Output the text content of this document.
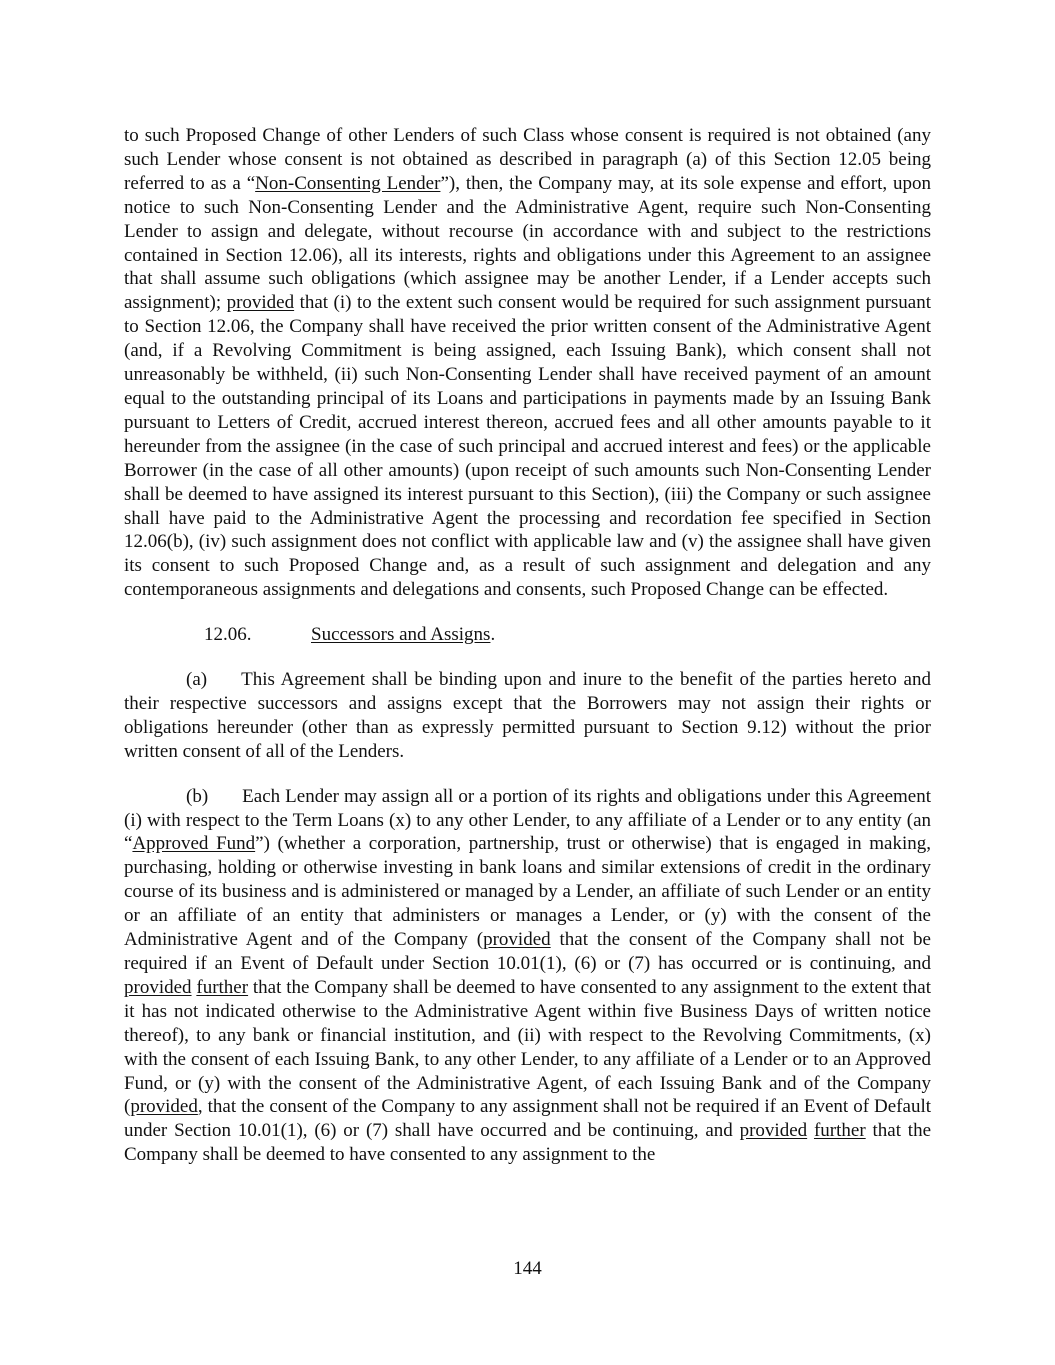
to such Proposed Change of other Lenders of such Class whose consent is required is not obtained (any such Lender whose consent is not obtained as described in paragraph (a) of this Section 12.05 being referred to as a “Non-Consenting Lender”), then, the Company may, at its sole expense and effort, upon notice to such Non-Consenting Lender and the Administrative Agent, require such Non-Consenting Lender to assign and delegate, without recourse (in accordance with and subject to the restrictions contained in Section 12.06), all its interests, rights and obligations under this Agreement to an assignee that shall assume such obligations (which assignee may be another Lender, if a Lender accepts such assignment); provided that (i) to the extent such consent would be required for such assignment pursuant to Section 12.06, the Company shall have received the prior written consent of the Administrative Agent (and, if a Revolving Commitment is being assigned, each Issuing Bank), which consent shall not unreasonably be withheld, (ii) such Non-Consenting Lender shall have received payment of an amount equal to the outstanding principal of its Loans and participations in payments made by an Issuing Bank pursuant to Letters of Credit, accrued interest thereon, accrued fees and all other amounts payable to it hereunder from the assignee (in the case of such principal and accrued interest and fees) or the applicable Borrower (in the case of all other amounts) (upon receipt of such amounts such Non-Consenting Lender shall be deemed to have assigned its interest pursuant to this Section), (iii) the Company or such assignee shall have paid to the Administrative Agent the processing and recordation fee specified in Section 12.06(b), (iv) such assignment does not conflict with applicable law and (v) the assignee shall have given its consent to such Proposed Change and, as a result of such assignment and delegation and any contemporaneous assignments and delegations and consents, such Proposed Change can be effected.

12.06.	Successors and Assigns.

(a) This Agreement shall be binding upon and inure to the benefit of the parties hereto and their respective successors and assigns except that the Borrowers may not assign their rights or obligations hereunder (other than as expressly permitted pursuant to Section 9.12) without the prior written consent of all of the Lenders.

(b) Each Lender may assign all or a portion of its rights and obligations under this Agreement (i) with respect to the Term Loans (x) to any other Lender, to any affiliate of a Lender or to any entity (an “Approved Fund”) (whether a corporation, partnership, trust or otherwise) that is engaged in making, purchasing, holding or otherwise investing in bank loans and similar extensions of credit in the ordinary course of its business and is administered or managed by a Lender, an affiliate of such Lender or an entity or an affiliate of an entity that administers or manages a Lender, or (y) with the consent of the Administrative Agent and of the Company (provided that the consent of the Company shall not be required if an Event of Default under Section 10.01(1), (6) or (7) has occurred or is continuing, and provided further that the Company shall be deemed to have consented to any assignment to the extent that it has not indicated otherwise to the Administrative Agent within five Business Days of written notice thereof), to any bank or financial institution, and (ii) with respect to the Revolving Commitments, (x) with the consent of each Issuing Bank, to any other Lender, to any affiliate of a Lender or to an Approved Fund, or (y) with the consent of the Administrative Agent, of each Issuing Bank and of the Company (provided, that the consent of the Company to any assignment shall not be required if an Event of Default under Section 10.01(1), (6) or (7) shall have occurred and be continuing, and provided further that the Company shall be deemed to have consented to any assignment to the

144
